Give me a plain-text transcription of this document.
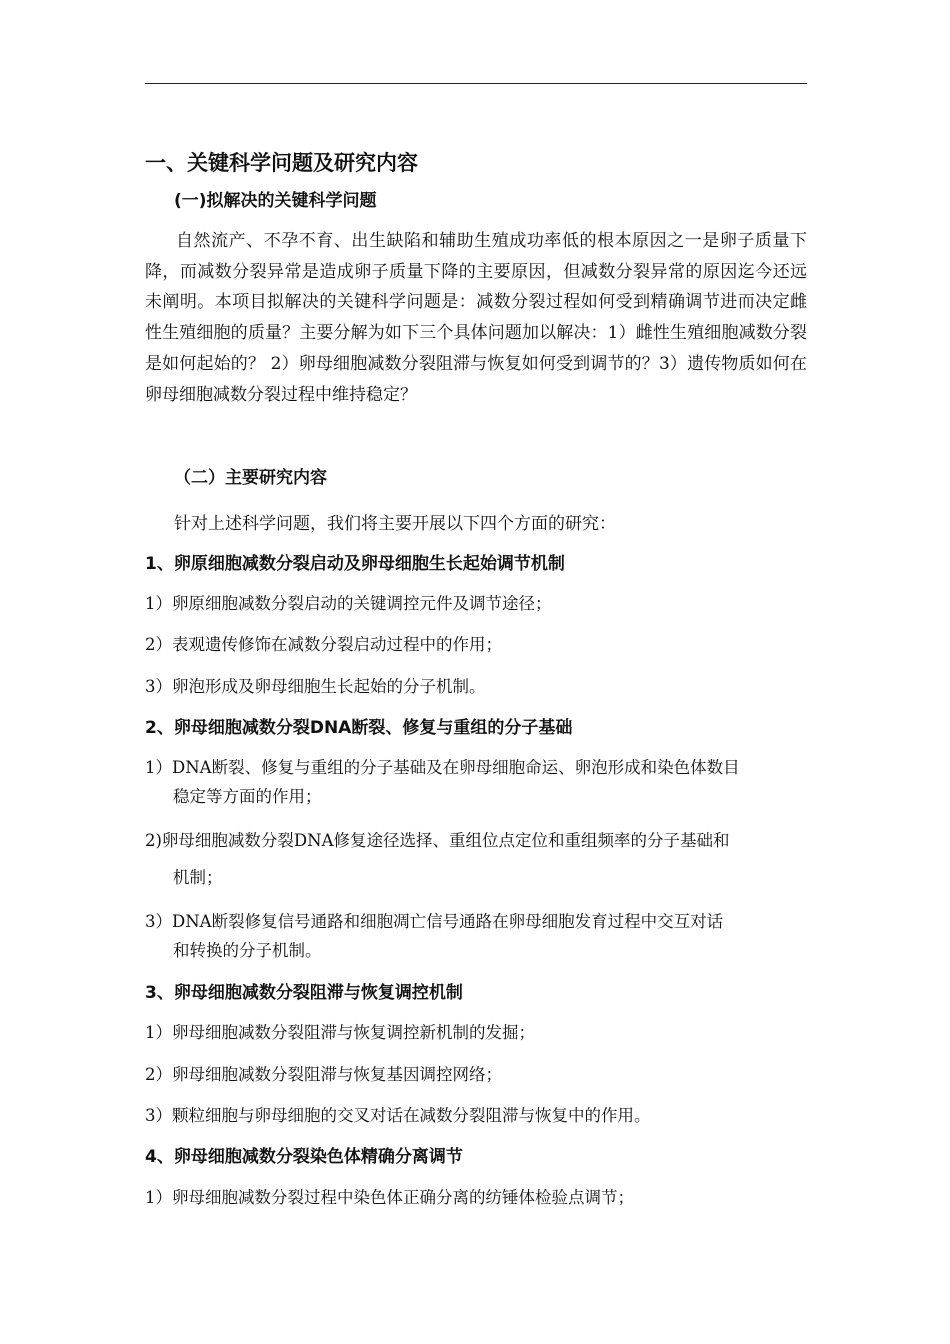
一、关键科学问题及研究内容
(一)拟解决的关键科学问题
自然流产、不孕不育、出生缺陷和辅助生殖成功率低的根本原因之一是卵子质量下降，而减数分裂异常是造成卵子质量下降的主要原因，但减数分裂异常的原因迄今还远未阐明。本项目拟解决的关键科学问题是：减数分裂过程如何受到精确调节进而决定雌性生殖细胞的质量？主要分解为如下三个具体问题加以解决：1）雌性生殖细胞减数分裂是如何起始的？ 2）卵母细胞减数分裂阻滞与恢复如何受到调节的？3）遗传物质如何在卵母细胞减数分裂过程中维持稳定？
（二）主要研究内容
针对上述科学问题，我们将主要开展以下四个方面的研究：
1、卵原细胞减数分裂启动及卵母细胞生长起始调节机制
1）卵原细胞减数分裂启动的关键调控元件及调节途径；
2）表观遗传修饰在减数分裂启动过程中的作用；
3）卵泡形成及卵母细胞生长起始的分子机制。
2、卵母细胞减数分裂DNA断裂、修复与重组的分子基础
1）DNA断裂、修复与重组的分子基础及在卵母细胞命运、卵泡形成和染色体数目
稳定等方面的作用；
2)卵母细胞减数分裂DNA修复途径选择、重组位点定位和重组频率的分子基础和
机制；
3）DNA断裂修复信号通路和细胞凋亡信号通路在卵母细胞发育过程中交互对话
和转换的分子机制。
3、卵母细胞减数分裂阻滞与恢复调控机制
1）卵母细胞减数分裂阻滞与恢复调控新机制的发掘；
2）卵母细胞减数分裂阻滞与恢复基因调控网络；
3）颗粒细胞与卵母细胞的交叉对话在减数分裂阻滞与恢复中的作用。
4、卵母细胞减数分裂染色体精确分离调节
1）卵母细胞减数分裂过程中染色体正确分离的纺锤体检验点调节；
